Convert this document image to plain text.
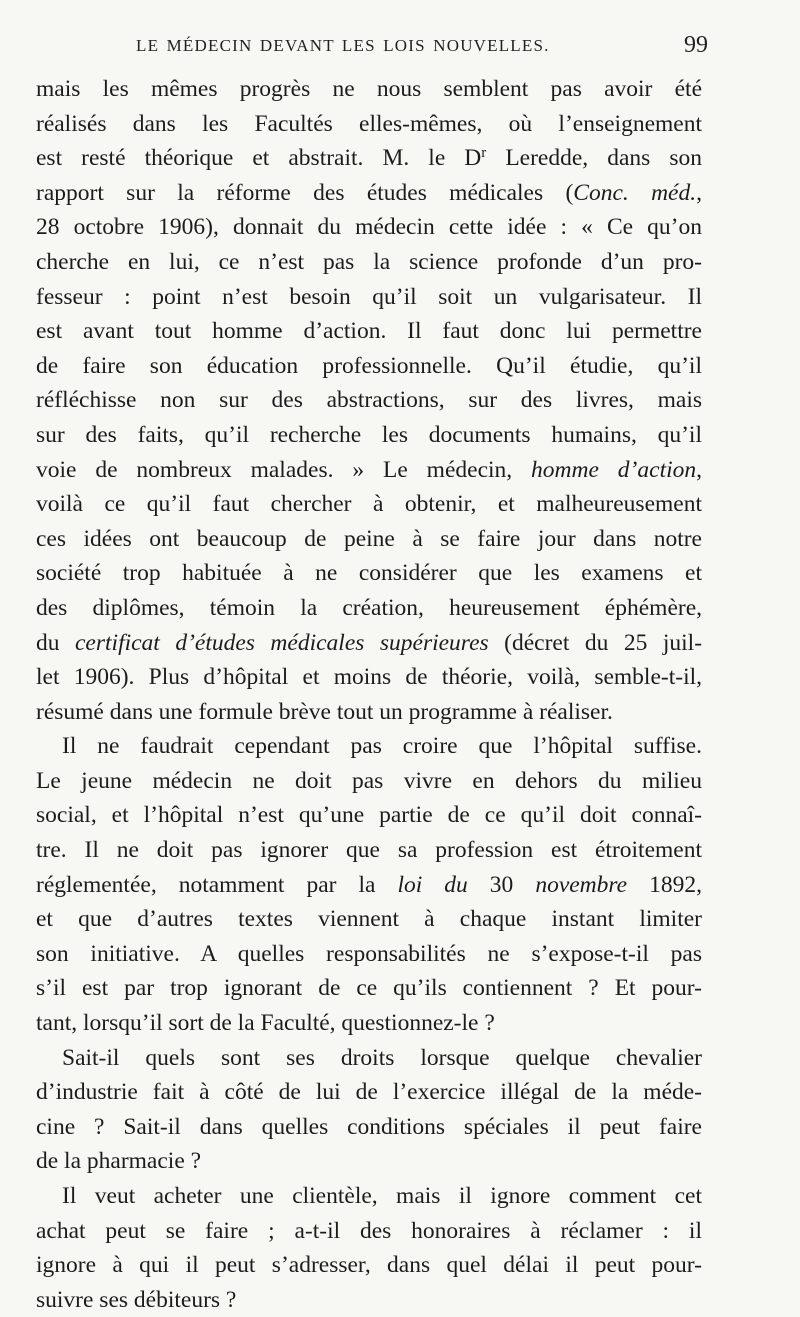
LE MÉDECIN DEVANT LES LOIS NOUVELLES.	99
mais les mêmes progrès ne nous semblent pas avoir été
réalisés dans les Facultés elles-mêmes, où l’enseignement
est resté théorique et abstrait. M. le $D^r$ Leredde, dans son
rapport sur la réforme des études médicales (Conc. méd.,
28 octobre 1906), donnait du médecin cette idée : « Ce qu’on
cherche en lui, ce n’est pas la science profonde d’un pro-
fesseur : point n’est besoin qu’il soit un vulgarisateur. Il
est avant tout homme d’action. Il faut donc lui permettre
de faire son éducation professionnelle. Qu’il étudie, qu’il
réfléchisse non sur des abstractions, sur des livres, mais
sur des faits, qu’il recherche les documents humains, qu’il
voie de nombreux malades. » Le médecin, homme d’action,
voilà ce qu’il faut chercher à obtenir, et malheureusement
ces idées ont beaucoup de peine à se faire jour dans notre
société trop habituée à ne considérer que les examens et
des diplômes, témoin la création, heureusement éphémère,
du certificat d’études médicales supérieures (décret du 25 juil-
let 1906). Plus d’hôpital et moins de théorie, voilà, semble-t-il,
résumé dans une formule brève tout un programme à réaliser.
Il ne faudrait cependant pas croire que l’hôpital suffise.
Le jeune médecin ne doit pas vivre en dehors du milieu
social, et l’hôpital n’est qu’une partie de ce qu’il doit connaî-
tre. Il ne doit pas ignorer que sa profession est étroitement
réglementée, notamment par la loi du 30 novembre 1892,
et que d’autres textes viennent à chaque instant limiter
son initiative. A quelles responsabilités ne s’expose-t-il pas
s’il est par trop ignorant de ce qu’ils contiennent ? Et pour-
tant, lorsqu’il sort de la Faculté, questionnez-le ?
Sait-il quels sont ses droits lorsque quelque chevalier
d’industrie fait à côté de lui de l’exercice illégal de la méde-
cine ? Sait-il dans quelles conditions spéciales il peut faire
de la pharmacie ?
Il veut acheter une clientèle, mais il ignore comment cet
achat peut se faire ; a-t-il des honoraires à réclamer : il
ignore à qui il peut s’adresser, dans quel délai il peut pour-
suivre ses débiteurs ?
